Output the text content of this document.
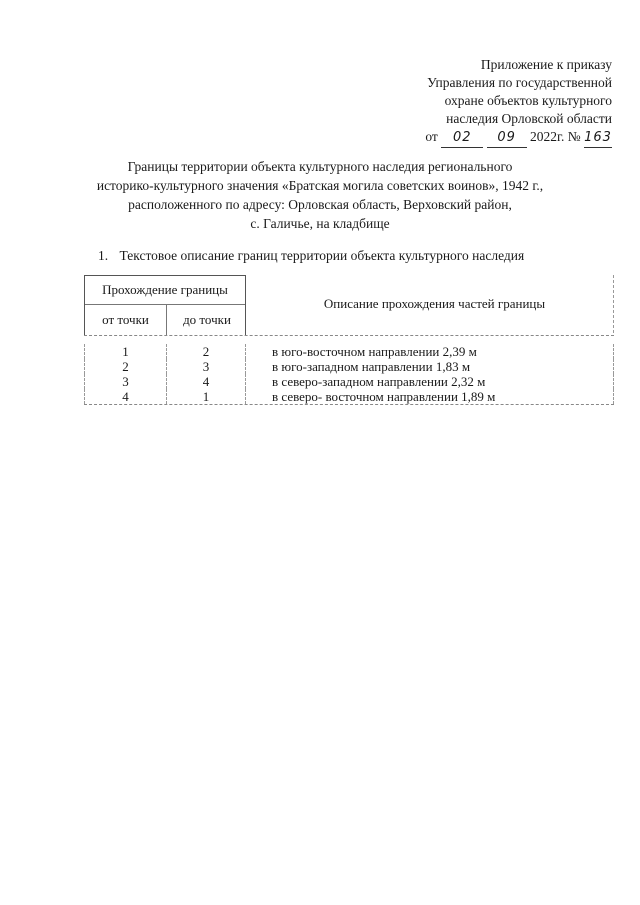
Приложение к приказу
Управления по государственной
охране объектов культурного
наследия Орловской области
от 02 09 2022г. № 163
Границы территории объекта культурного наследия регионального
историко-культурного значения «Братская могила советских воинов», 1942 г.,
расположенного по адресу: Орловская область, Верховский район,
с. Галичье, на кладбище
1. Текстовое описание границ территории объекта культурного наследия
Прохождение границы
от точки	до точки
Описание прохождения частей границы
1	2	в юго-восточном направлении 2,39 м
2	3	в юго-западном направлении 1,83 м
3	4	в северо-западном направлении 2,32 м
4	1	в северо- восточном направлении 1,89 м
